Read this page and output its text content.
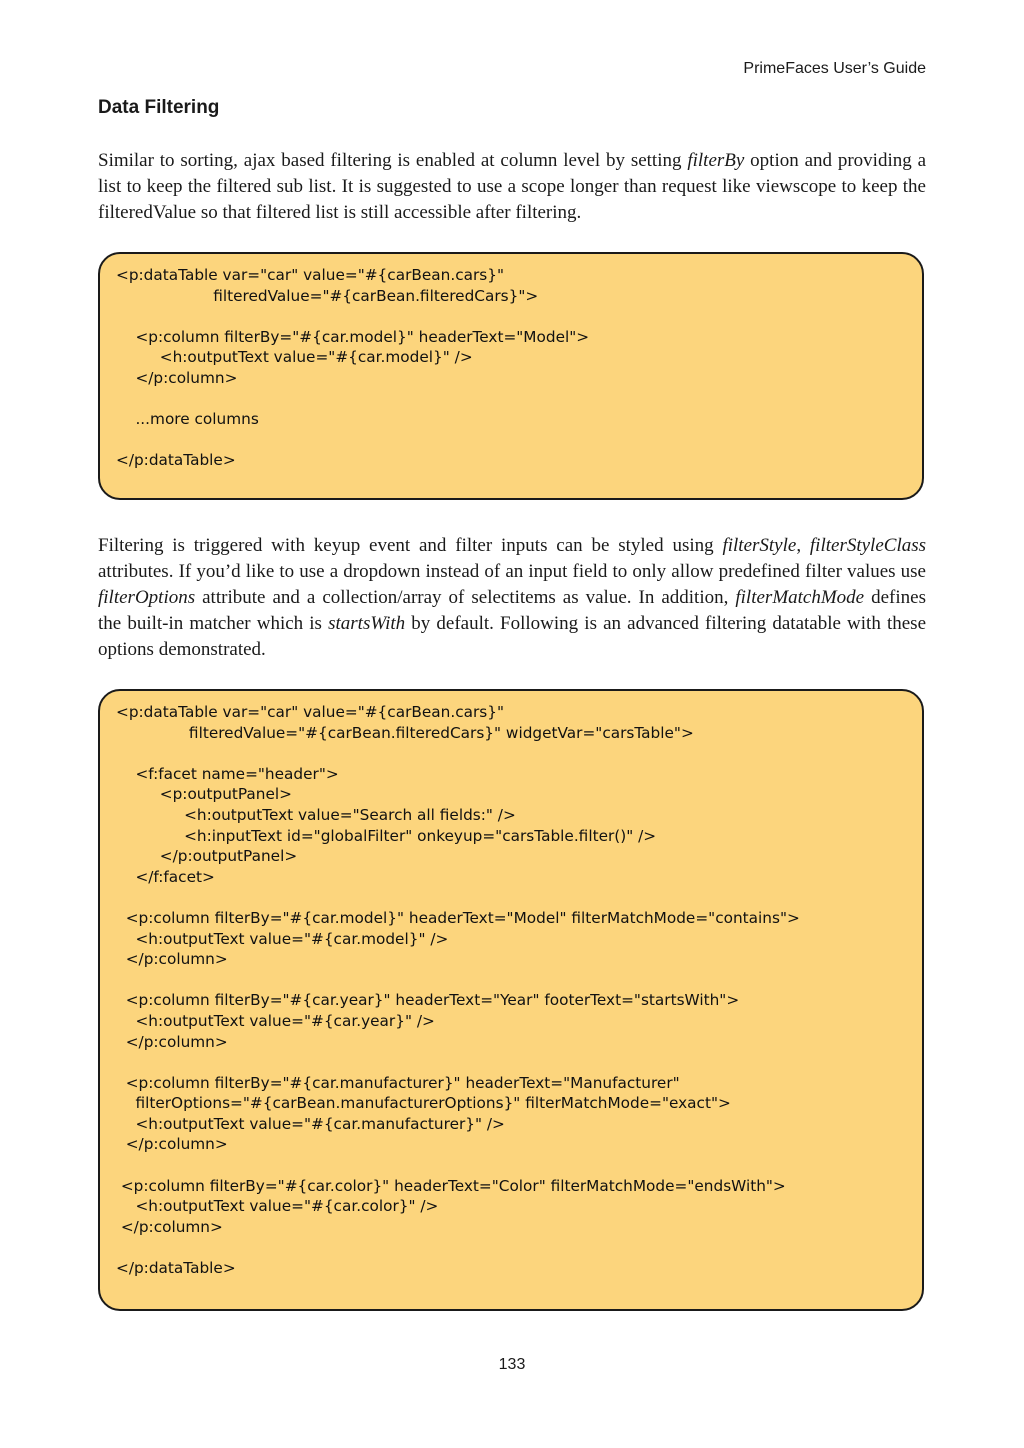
PrimeFaces User’s Guide
Data Filtering

Similar to sorting, ajax based filtering is enabled at column level by setting filterBy option and providing a list to keep the filtered sub list. It is suggested to use a scope longer than request like viewscope to keep the filteredValue so that filtered list is still accessible after filtering.

<p:dataTable var="car" value="#{carBean.cars}"
filteredValue="#{carBean.filteredCars}">
<p:column filterBy="#{car.model}" headerText="Model">
<h:outputText value="#{car.model}" />
</p:column>
...more columns
</p:dataTable>

Filtering is triggered with keyup event and filter inputs can be styled using filterStyle, filterStyleClass attributes. If you’d like to use a dropdown instead of an input field to only allow predefined filter values use filterOptions attribute and a collection/array of selectitems as value. In addition, filterMatchMode defines the built-in matcher which is startsWith by default. Following is an advanced filtering datatable with these options demonstrated.

<p:dataTable var="car" value="#{carBean.cars}"
filteredValue="#{carBean.filteredCars}" widgetVar="carsTable">
<f:facet name="header">
<p:outputPanel>
<h:outputText value="Search all fields:" />
<h:inputText id="globalFilter" onkeyup="carsTable.filter()" />
</p:outputPanel>
</f:facet>
<p:column filterBy="#{car.model}" headerText="Model" filterMatchMode="contains">
<h:outputText value="#{car.model}" />
</p:column>
<p:column filterBy="#{car.year}" headerText="Year" footerText="startsWith">
<h:outputText value="#{car.year}" />
</p:column>
<p:column filterBy="#{car.manufacturer}" headerText="Manufacturer"
filterOptions="#{carBean.manufacturerOptions}" filterMatchMode="exact">
<h:outputText value="#{car.manufacturer}" />
</p:column>
<p:column filterBy="#{car.color}" headerText="Color" filterMatchMode="endsWith">
<h:outputText value="#{car.color}" />
</p:column>
</p:dataTable>
133
